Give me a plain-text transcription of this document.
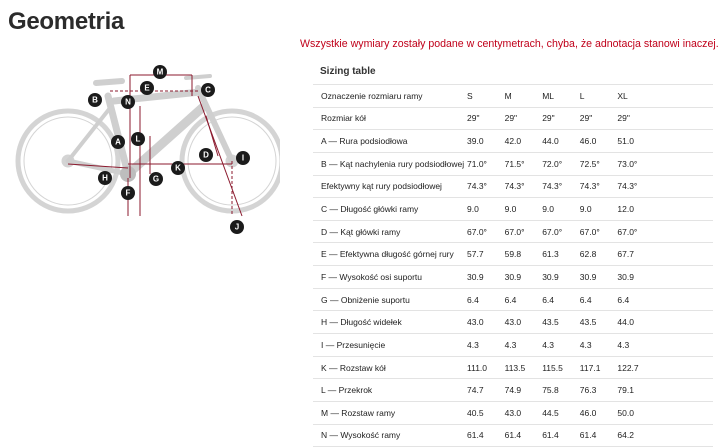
Geometria
Wszystkie wymiary zostały podane w centymetrach, chyba, że adnotacja stanowi inaczej.
M
E	C
B	N
L
A
D	I
K
H	G
F
J
Sizing table
Oznaczenie rozmiaru ramy	S	M	ML	L	XL
Rozmiar kół	29"	29"	29"	29"	29"
A — Rura podsiodłowa	39.0	42.0	44.0	46.0	51.0
B — Kąt nachylenia rury podsiodłowej 71.0°	71.5°	72.0°	72.5°	73.0°
Efektywny kąt rury podsiodłowej	74.3°	74.3°	74.3°	74.3°	74.3°
C — Długość główki ramy	9.0	9.0	9.0	9.0	12.0
D — Kąt główki ramy	67.0°	67.0°	67.0°	67.0°	67.0°
E — Efektywna długość górnej rury	57.7	59.8	61.3	62.8	67.7
F — Wysokość osi suportu	30.9	30.9	30.9	30.9	30.9
G — Obniżenie suportu	6.4	6.4	6.4	6.4	6.4
H — Długość widełek	43.0	43.0	43.5	43.5	44.0
I — Przesunięcie	4.3	4.3	4.3	4.3	4.3
K — Rozstaw kół	111.0	113.5	115.5	117.1	122.7
L — Przekrok	74.7	74.9	75.8	76.3	79.1
M — Rozstaw ramy	40.5	43.0	44.5	46.0	50.0
N — Wysokość ramy	61.4	61.4	61.4	61.4	64.2
